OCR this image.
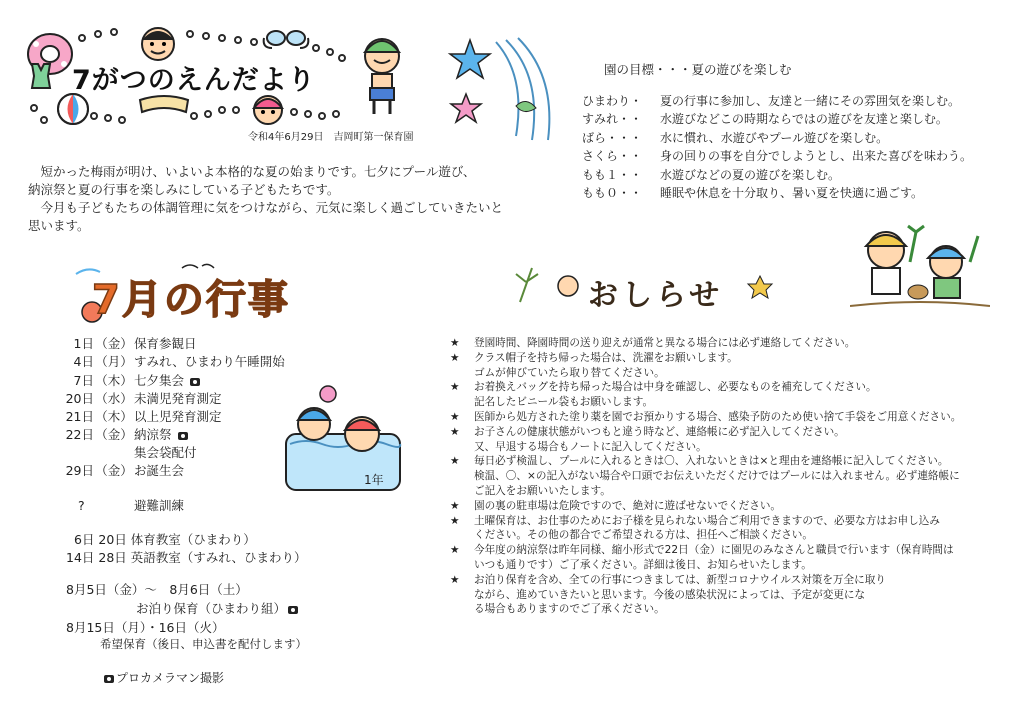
7がつのえんだより
令和4年6月29日　吉岡町第一保育園

　短かった梅雨が明け、いよいよ本格的な夏の始まりです。七夕にプール遊び、

納涼祭と夏の行事を楽しみにしている子どもたちです。

　今月も子どもたちの体調管理に気をつけながら、元気に楽しく過ごしていきたいと

思います。

園の目標・・・夏の遊びを楽しむ
ひまわり・	夏の行事に参加し、友達と一緒にその雰囲気を楽しむ。
すみれ・・	水遊びなどこの時期ならではの遊びを友達と楽しむ。
ばら・・・	水に慣れ、水遊びやプール遊びを楽しむ。
さくら・・	身の回りの事を自分でしようとし、出来た喜びを味わう。
もも１・・	水遊びなどの夏の遊びを楽しむ。
もも０・・	睡眠や休息を十分取り、暑い夏を快適に過ごす。
7月の行事
1日（金）保育参観日
4日（月）すみれ、ひまわり午睡開始
7日（木）七夕集会
20日（水）未満児発育測定
21日（木）以上児発育測定
22日（金）納涼祭
集会袋配付
29日（金）お誕生会
?	避難訓練
6日 20日 体育教室（ひまわり）
14日 28日 英語教室（すみれ、ひまわり）
8月5日（金）～　8月6日（土）
お泊り保育（ひまわり組）
8月15日（月）・16日（火）
希望保育（後日、申込書を配付します）
1年
おしらせ
★	登園時間、降園時間の送り迎えが通常と異なる場合には必ず連絡してください。
★	クラス帽子を持ち帰った場合は、洗濯をお願いします。
ゴムが伸びていたら取り替てください。
★	お着換えバッグを持ち帰った場合は中身を確認し、必要なものを補充してください。
記名したビニール袋もお願いします。
★	医師から処方された塗り薬を園でお預かりする場合、感染予防のため使い捨て手袋をご用意ください。
★	お子さんの健康状態がいつもと違う時など、連絡帳に必ず記入してください。
又、早退する場合もノートに記入してください。
★	毎日必ず検温し、プールに入れるときは〇、入れないときは×と理由を連絡帳に記入してください。
検温、〇、×の記入がない場合や口頭でお伝えいただくだけではプールには入れません。必ず連絡帳に
ご記入をお願いいたします。
★	園の裏の駐車場は危険ですので、絶対に遊ばせないでください。
★	土曜保育は、お仕事のためにお子様を見られない場合ご利用できますので、必要な方はお申し込み
ください。その他の都合でご希望される方は、担任へご相談ください。
★	今年度の納涼祭は昨年同様、縮小形式で22日（金）に園児のみなさんと職員で行います（保育時間は
いつも通りです）ご了承ください。詳細は後日、お知らせいたします。
★	お泊り保育を含め、全ての行事につきましては、新型コロナウイルス対策を万全に取り
ながら、進めていきたいと思います。今後の感染状況によっては、予定が変更にな
る場合もありますのでご了承ください。
プロカメラマン撮影
